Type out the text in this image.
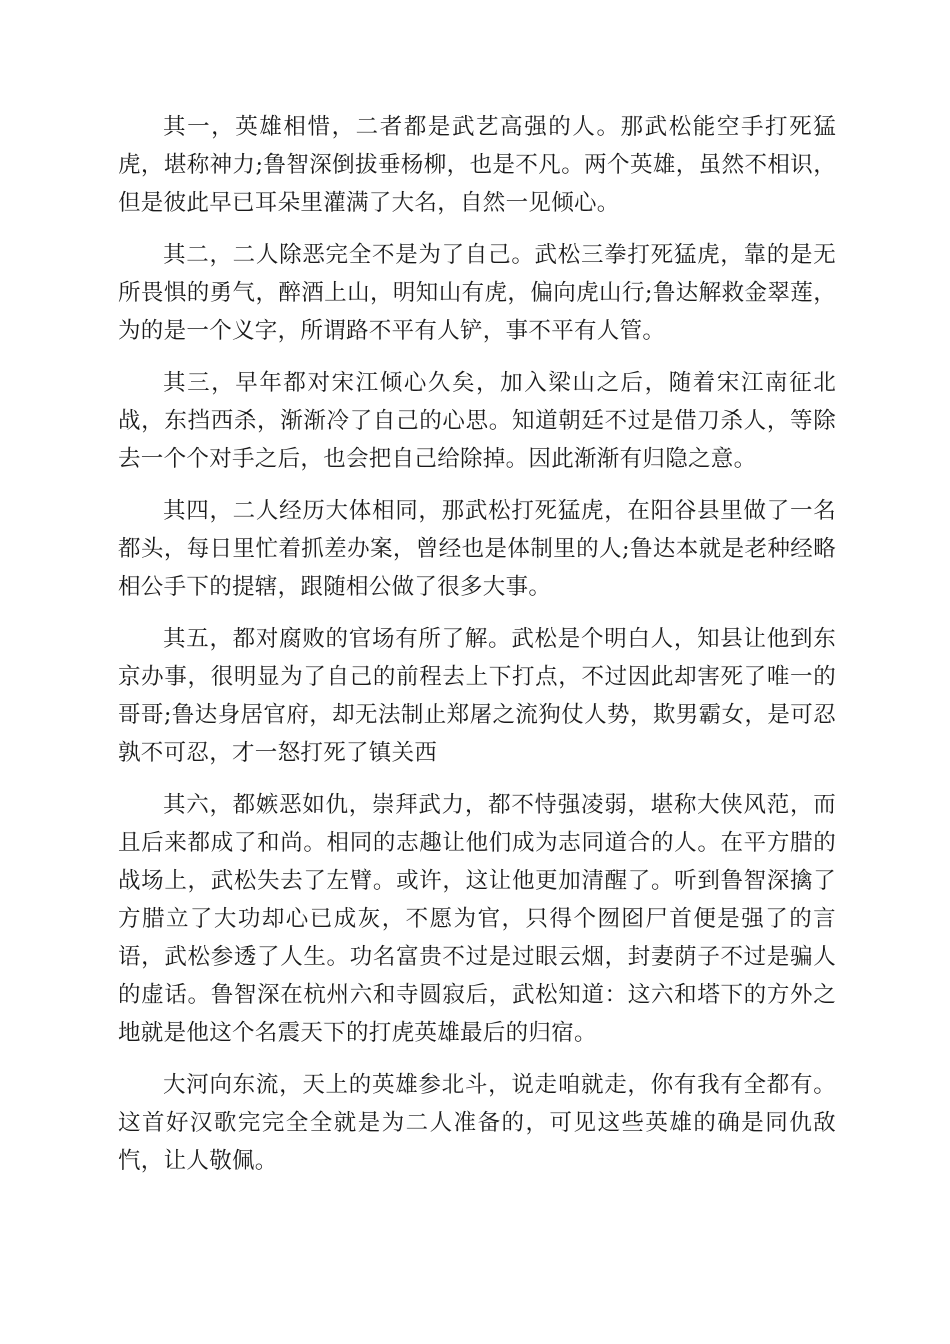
其一，英雄相惜，二者都是武艺高强的人。那武松能空手打死猛虎，堪称神力;鲁智深倒拔垂杨柳，也是不凡。两个英雄，虽然不相识，但是彼此早已耳朵里灌满了大名，自然一见倾心。

其二，二人除恶完全不是为了自己。武松三拳打死猛虎，靠的是无所畏惧的勇气，醉酒上山，明知山有虎，偏向虎山行;鲁达解救金翠莲，为的是一个义字，所谓路不平有人铲，事不平有人管。

其三，早年都对宋江倾心久矣，加入梁山之后，随着宋江南征北战，东挡西杀，渐渐冷了自己的心思。知道朝廷不过是借刀杀人，等除去一个个对手之后，也会把自己给除掉。因此渐渐有归隐之意。

其四，二人经历大体相同，那武松打死猛虎，在阳谷县里做了一名都头，每日里忙着抓差办案，曾经也是体制里的人;鲁达本就是老种经略相公手下的提辖，跟随相公做了很多大事。

其五，都对腐败的官场有所了解。武松是个明白人，知县让他到东京办事，很明显为了自己的前程去上下打点，不过因此却害死了唯一的哥哥;鲁达身居官府，却无法制止郑屠之流狗仗人势，欺男霸女，是可忍孰不可忍，才一怒打死了镇关西

其六，都嫉恶如仇，崇拜武力，都不恃强凌弱，堪称大侠风范，而且后来都成了和尚。相同的志趣让他们成为志同道合的人。在平方腊的战场上，武松失去了左臂。或许，这让他更加清醒了。听到鲁智深擒了方腊立了大功却心已成灰，不愿为官，只得个囫囵尸首便是强了的言语，武松参透了人生。功名富贵不过是过眼云烟，封妻荫子不过是骗人的虚话。鲁智深在杭州六和寺圆寂后，武松知道：这六和塔下的方外之地就是他这个名震天下的打虎英雄最后的归宿。

大河向东流，天上的英雄参北斗，说走咱就走，你有我有全都有。这首好汉歌完完全全就是为二人准备的，可见这些英雄的确是同仇敌忾，让人敬佩。
